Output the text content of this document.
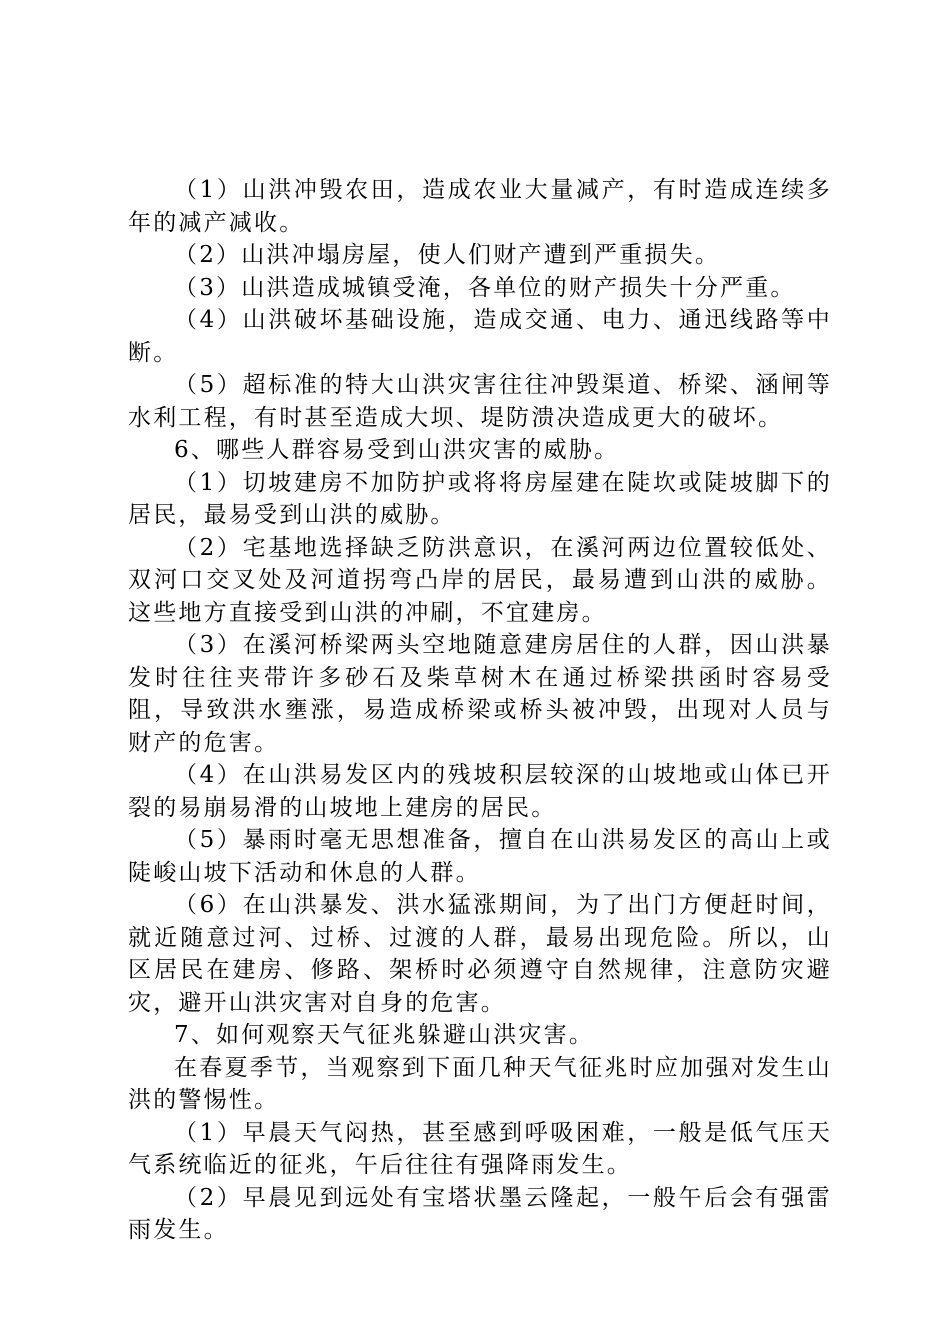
（1）山洪冲毁农田，造成农业大量减产，有时造成连续多年的减产减收。

（2）山洪冲塌房屋，使人们财产遭到严重损失。

（3）山洪造成城镇受淹，各单位的财产损失十分严重。

（4）山洪破坏基础设施，造成交通、电力、通迅线路等中断。

（5）超标准的特大山洪灾害往往冲毁渠道、桥梁、涵闸等水利工程，有时甚至造成大坝、堤防溃决造成更大的破坏。

6、哪些人群容易受到山洪灾害的威胁。

（1）切坡建房不加防护或将将房屋建在陡坎或陡坡脚下的居民，最易受到山洪的威胁。

（2）宅基地选择缺乏防洪意识，在溪河两边位置较低处、双河口交叉处及河道拐弯凸岸的居民，最易遭到山洪的威胁。这些地方直接受到山洪的冲刷，不宜建房。

（3）在溪河桥梁两头空地随意建房居住的人群，因山洪暴发时往往夹带许多砂石及柴草树木在通过桥梁拱函时容易受阻，导致洪水壅涨，易造成桥梁或桥头被冲毁，出现对人员与财产的危害。

（4）在山洪易发区内的残坡积层较深的山坡地或山体已开裂的易崩易滑的山坡地上建房的居民。

（5）暴雨时毫无思想准备，擅自在山洪易发区的高山上或陡峻山坡下活动和休息的人群。

（6）在山洪暴发、洪水猛涨期间，为了出门方便赶时间，就近随意过河、过桥、过渡的人群，最易出现危险。所以，山区居民在建房、修路、架桥时必须遵守自然规律，注意防灾避灾，避开山洪灾害对自身的危害。

7、如何观察天气征兆躲避山洪灾害。

在春夏季节，当观察到下面几种天气征兆时应加强对发生山洪的警惕性。

（1）早晨天气闷热，甚至感到呼吸困难，一般是低气压天气系统临近的征兆，午后往往有强降雨发生。

（2）早晨见到远处有宝塔状墨云隆起，一般午后会有强雷雨发生。
